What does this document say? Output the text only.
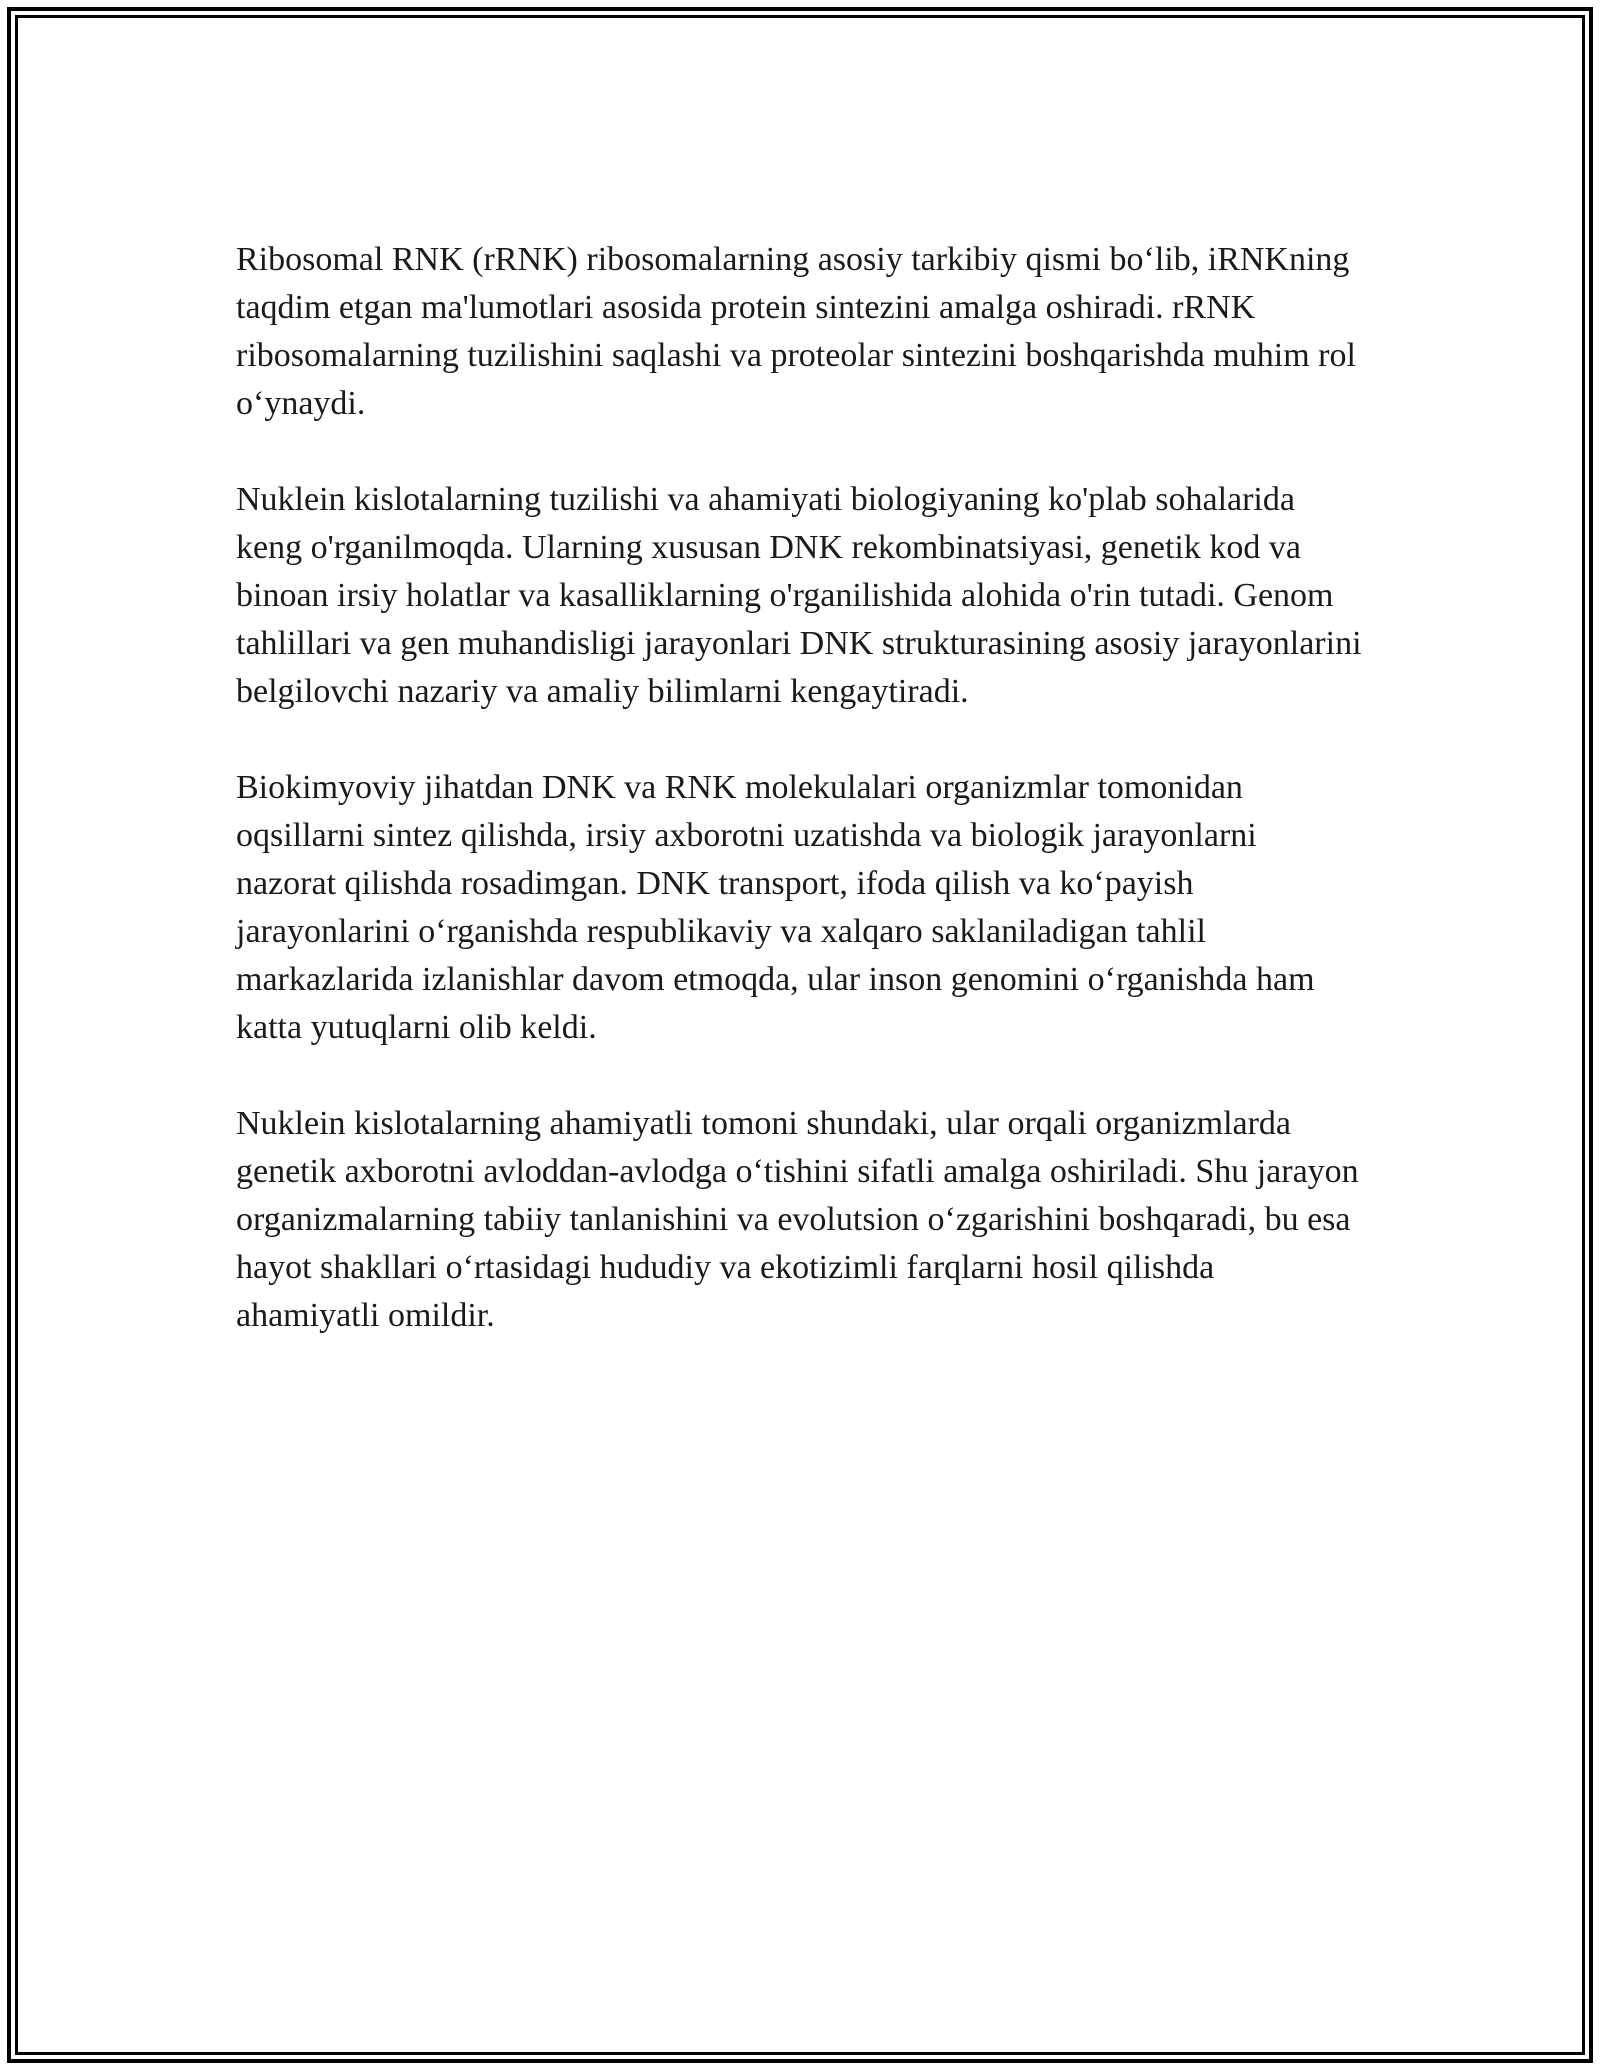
Ribosomal RNK (rRNK) ribosomalarning asosiy tarkibiy qismi bo‘lib, iRNKning taqdim etgan ma'lumotlari asosida protein sintezini amalga oshiradi. rRNK ribosomalarning tuzilishini saqlashi va proteolar sintezini boshqarishda muhim rol o‘ynaydi.

Nuklein kislotalarning tuzilishi va ahamiyati biologiyaning ko'plab sohalarida keng o'rganilmoqda. Ularning xususan DNK rekombinatsiyasi, genetik kod va binoan irsiy holatlar va kasalliklarning o'rganilishida alohida o'rin tutadi. Genom tahlillari va gen muhandisligi jarayonlari DNK strukturasining asosiy jarayonlarini belgilovchi nazariy va amaliy bilimlarni kengaytiradi.

Biokimyoviy jihatdan DNK va RNK molekulalari organizmlar tomonidan oqsillarni sintez qilishda, irsiy axborotni uzatishda va biologik jarayonlarni nazorat qilishda rosadimgan. DNK transport, ifoda qilish va ko‘payish jarayonlarini o‘rganishda respublikaviy va xalqaro saklaniladigan tahlil markazlarida izlanishlar davom etmoqda, ular inson genomini o‘rganishda ham katta yutuqlarni olib keldi.

Nuklein kislotalarning ahamiyatli tomoni shundaki, ular orqali organizmlarda genetik axborotni avloddan-avlodga o‘tishini sifatli amalga oshiriladi. Shu jarayon organizmalarning tabiiy tanlanishini va evolutsion o‘zgarishini boshqaradi, bu esa hayot shakllari o‘rtasidagi hududiy va ekotizimli farqlarni hosil qilishda ahamiyatli omildir.
